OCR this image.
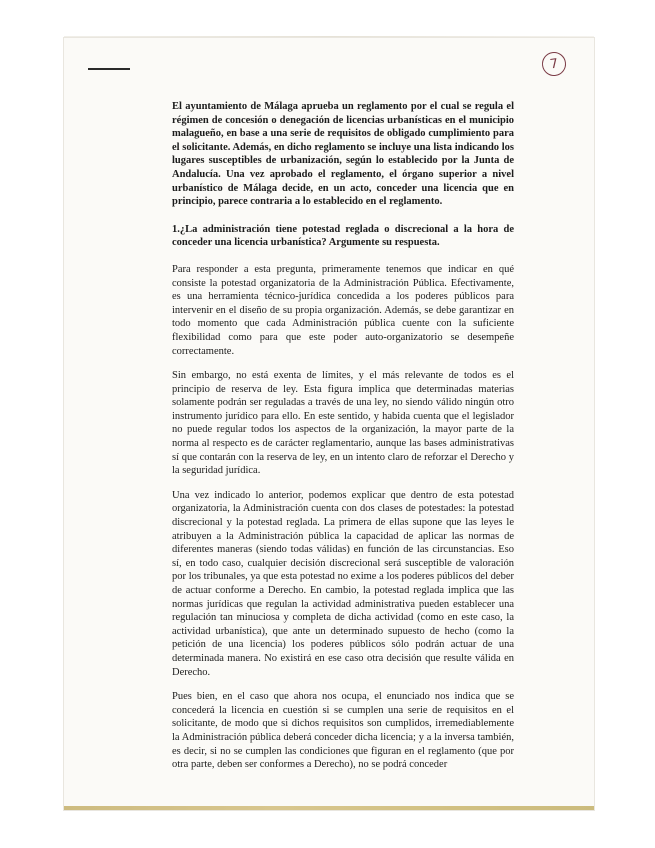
7

El ayuntamiento de Málaga aprueba un reglamento por el cual se regula el régimen de concesión o denegación de licencias urbanísticas en el municipio malagueño, en base a una serie de requisitos de obligado cumplimiento para el solicitante. Además, en dicho reglamento se incluye una lista indicando los lugares susceptibles de urbanización, según lo establecido por la Junta de Andalucía. Una vez aprobado el reglamento, el órgano superior a nivel urbanístico de Málaga decide, en un acto, conceder una licencia que en principio, parece contraria a lo establecido en el reglamento.

1.¿La administración tiene potestad reglada o discrecional a la hora de conceder una licencia urbanística? Argumente su respuesta.

Para responder a esta pregunta, primeramente tenemos que indicar en qué consiste la potestad organizatoria de la Administración Pública. Efectivamente, es una herramienta técnico-jurídica concedida a los poderes públicos para intervenir en el diseño de su propia organización. Además, se debe garantizar en todo momento que cada Administración pública cuente con la suficiente flexibilidad como para que este poder auto-organizatorio se desempeñe correctamente.

Sin embargo, no está exenta de límites, y el más relevante de todos es el principio de reserva de ley. Esta figura implica que determinadas materias solamente podrán ser reguladas a través de una ley, no siendo válido ningún otro instrumento jurídico para ello. En este sentido, y habida cuenta que el legislador no puede regular todos los aspectos de la organización, la mayor parte de la norma al respecto es de carácter reglamentario, aunque las bases administrativas sí que contarán con la reserva de ley, en un intento claro de reforzar el Derecho y la seguridad jurídica.

Una vez indicado lo anterior, podemos explicar que dentro de esta potestad organizatoria, la Administración cuenta con dos clases de potestades: la potestad discrecional y la potestad reglada. La primera de ellas supone que las leyes le atribuyen a la Administración pública la capacidad de aplicar las normas de diferentes maneras (siendo todas válidas) en función de las circunstancias. Eso sí, en todo caso, cualquier decisión discrecional será susceptible de valoración por los tribunales, ya que esta potestad no exime a los poderes públicos del deber de actuar conforme a Derecho. En cambio, la potestad reglada implica que las normas jurídicas que regulan la actividad administrativa pueden establecer una regulación tan minuciosa y completa de dicha actividad (como en este caso, la actividad urbanística), que ante un determinado supuesto de hecho (como la petición de una licencia) los poderes públicos sólo podrán actuar de una determinada manera. No existirá en ese caso otra decisión que resulte válida en Derecho.

Pues bien, en el caso que ahora nos ocupa, el enunciado nos indica que se concederá la licencia en cuestión si se cumplen una serie de requisitos en el solicitante, de modo que si dichos requisitos son cumplidos, irremediablemente la Administración pública deberá conceder dicha licencia; y a la inversa también, es decir, si no se cumplen las condiciones que figuran en el reglamento (que por otra parte, deben ser conformes a Derecho), no se podrá conceder
